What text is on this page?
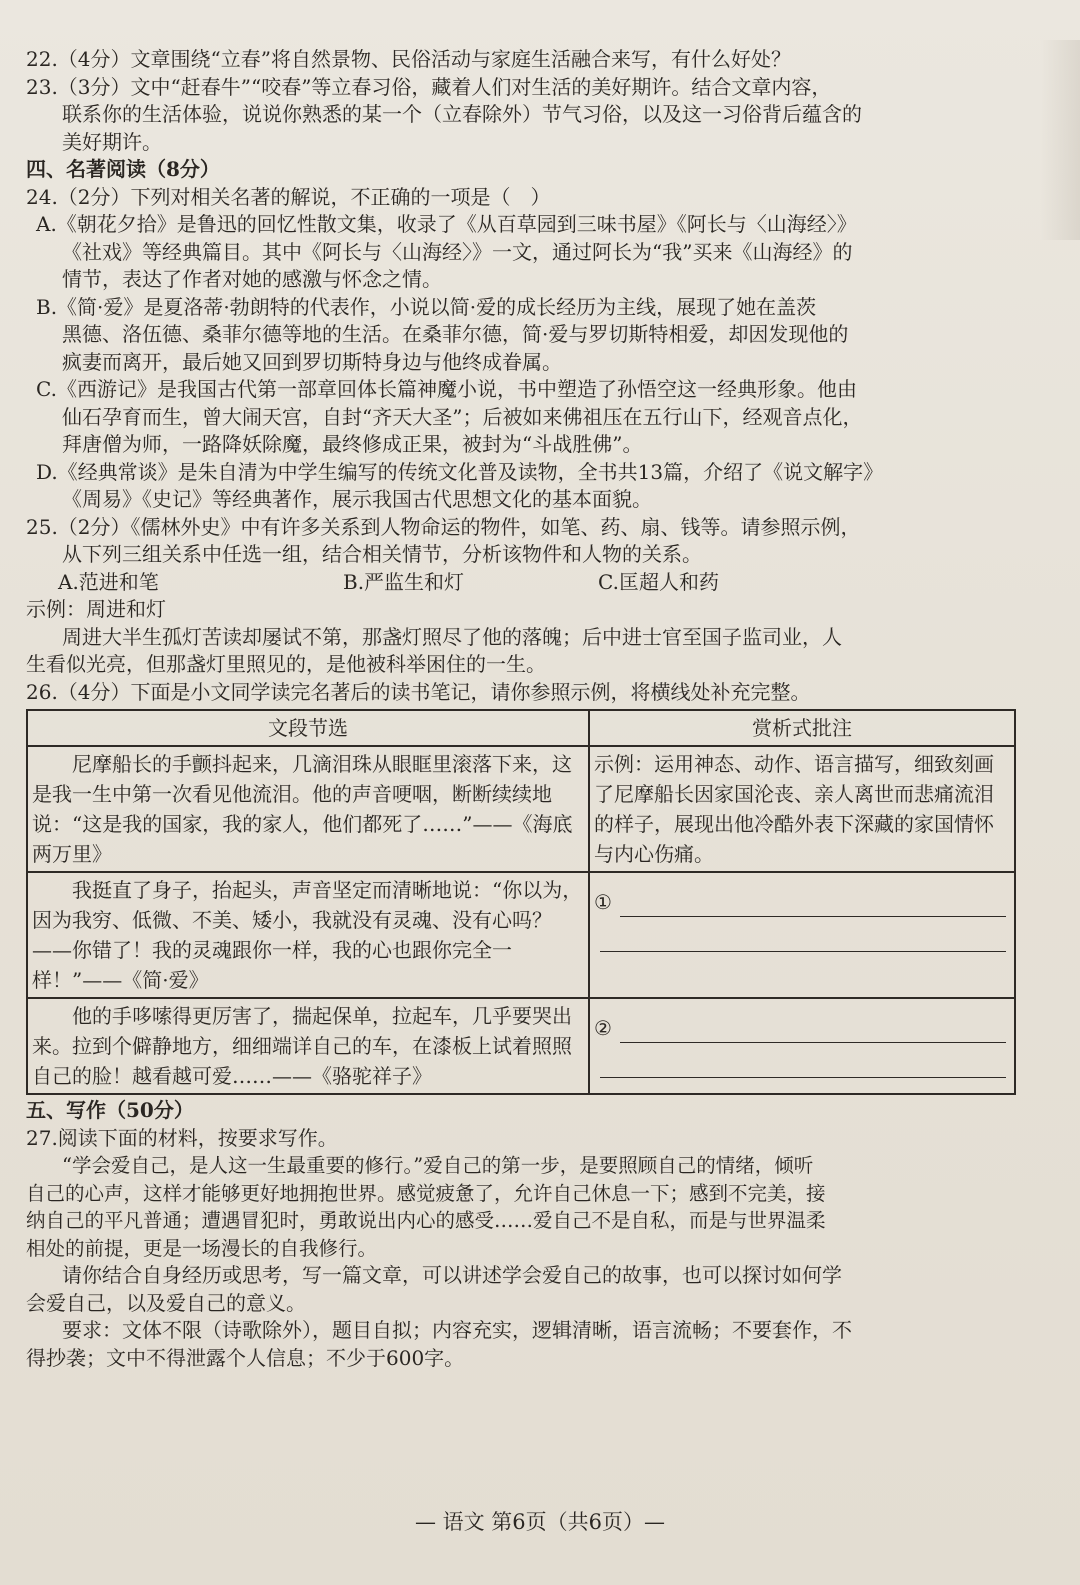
22.（4分）文章围绕“立春”将自然景物、民俗活动与家庭生活融合来写，有什么好处？
23.（3分）文中“赶春牛”“咬春”等立春习俗，藏着人们对生活的美好期许。结合文章内容，
联系你的生活体验，说说你熟悉的某一个（立春除外）节气习俗，以及这一习俗背后蕴含的
美好期许。
四、名著阅读（8分）
24.（2分）下列对相关名著的解说，不正确的一项是（　）
A.《朝花夕拾》是鲁迅的回忆性散文集，收录了《从百草园到三味书屋》《阿长与〈山海经〉》
《社戏》等经典篇目。其中《阿长与〈山海经〉》一文，通过阿长为“我”买来《山海经》的
情节，表达了作者对她的感激与怀念之情。
B.《简·爱》是夏洛蒂·勃朗特的代表作，小说以简·爱的成长经历为主线，展现了她在盖茨
黑德、洛伍德、桑菲尔德等地的生活。在桑菲尔德，简·爱与罗切斯特相爱，却因发现他的
疯妻而离开，最后她又回到罗切斯特身边与他终成眷属。
C.《西游记》是我国古代第一部章回体长篇神魔小说，书中塑造了孙悟空这一经典形象。他由
仙石孕育而生，曾大闹天宫，自封“齐天大圣”；后被如来佛祖压在五行山下，经观音点化，
拜唐僧为师，一路降妖除魔，最终修成正果，被封为“斗战胜佛”。
D.《经典常谈》是朱自清为中学生编写的传统文化普及读物，全书共13篇，介绍了《说文解字》
《周易》《史记》等经典著作，展示我国古代思想文化的基本面貌。
25.（2分）《儒林外史》中有许多关系到人物命运的物件，如笔、药、扇、钱等。请参照示例，
从下列三组关系中任选一组，结合相关情节，分析该物件和人物的关系。
A.范进和笔	B.严监生和灯	C.匡超人和药
示例：周进和灯
周进大半生孤灯苦读却屡试不第，那盏灯照尽了他的落魄；后中进士官至国子监司业，人
生看似光亮，但那盏灯里照见的，是他被科举困住的一生。
26.（4分）下面是小文同学读完名著后的读书笔记，请你参照示例，将横线处补充完整。
文段节选	赏析式批注

尼摩船长的手颤抖起来，几滴泪珠从眼眶里滚落下来，这是我一生中第一次看见他流泪。他的声音哽咽，断断续续地说：“这是我的国家，我的家人，他们都死了……”——《海底两万里》	示例：运用神态、动作、语言描写，细致刻画了尼摩船长因家国沦丧、亲人离世而悲痛流泪的样子，展现出他冷酷外表下深藏的家国情怀与内心伤痛。

我挺直了身子，抬起头，声音坚定而清晰地说：“你以为，因为我穷、低微、不美、矮小，我就没有灵魂、没有心吗？——你错了！我的灵魂跟你一样，我的心也跟你完全一样！”——《简·爱》	①

他的手哆嗦得更厉害了，揣起保单，拉起车，几乎要哭出来。拉到个僻静地方，细细端详自己的车，在漆板上试着照照自己的脸！越看越可爱……——《骆驼祥子》	②
五、写作（50分）
27.阅读下面的材料，按要求写作。
“学会爱自己，是人这一生最重要的修行。”爱自己的第一步，是要照顾自己的情绪，倾听
自己的心声，这样才能够更好地拥抱世界。感觉疲惫了，允许自己休息一下；感到不完美，接
纳自己的平凡普通；遭遇冒犯时，勇敢说出内心的感受……爱自己不是自私，而是与世界温柔
相处的前提，更是一场漫长的自我修行。
请你结合自身经历或思考，写一篇文章，可以讲述学会爱自己的故事，也可以探讨如何学
会爱自己，以及爱自己的意义。
要求：文体不限（诗歌除外），题目自拟；内容充实，逻辑清晰，语言流畅；不要套作，不
得抄袭；文中不得泄露个人信息；不少于600字。
— 语文 第6页（共6页）—
